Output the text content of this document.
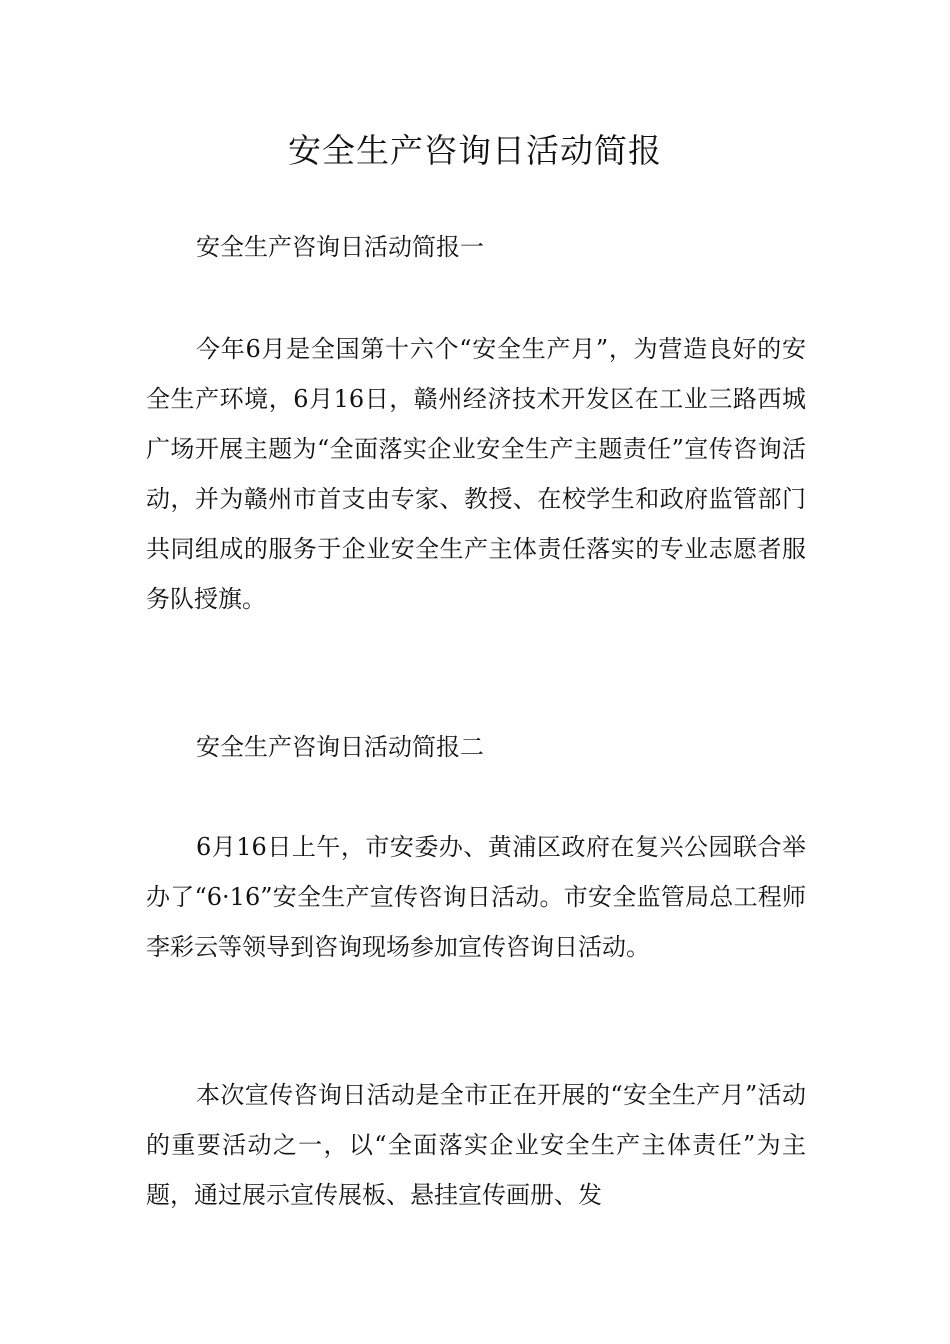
安全生产咨询日活动简报

安全生产咨询日活动简报一

今年6月是全国第十六个“安全生产月”，为营造良好的安全生产环境，6月16日，赣州经济技术开发区在工业三路西城广场开展主题为“全面落实企业安全生产主题责任”宣传咨询活动，并为赣州市首支由专家、教授、在校学生和政府监管部门共同组成的服务于企业安全生产主体责任落实的专业志愿者服务队授旗。

安全生产咨询日活动简报二

6月16日上午，市安委办、黄浦区政府在复兴公园联合举办了“6·16”安全生产宣传咨询日活动。市安全监管局总工程师李彩云等领导到咨询现场参加宣传咨询日活动。

本次宣传咨询日活动是全市正在开展的“安全生产月”活动的重要活动之一，以“全面落实企业安全生产主体责任”为主题，通过展示宣传展板、悬挂宣传画册、发
